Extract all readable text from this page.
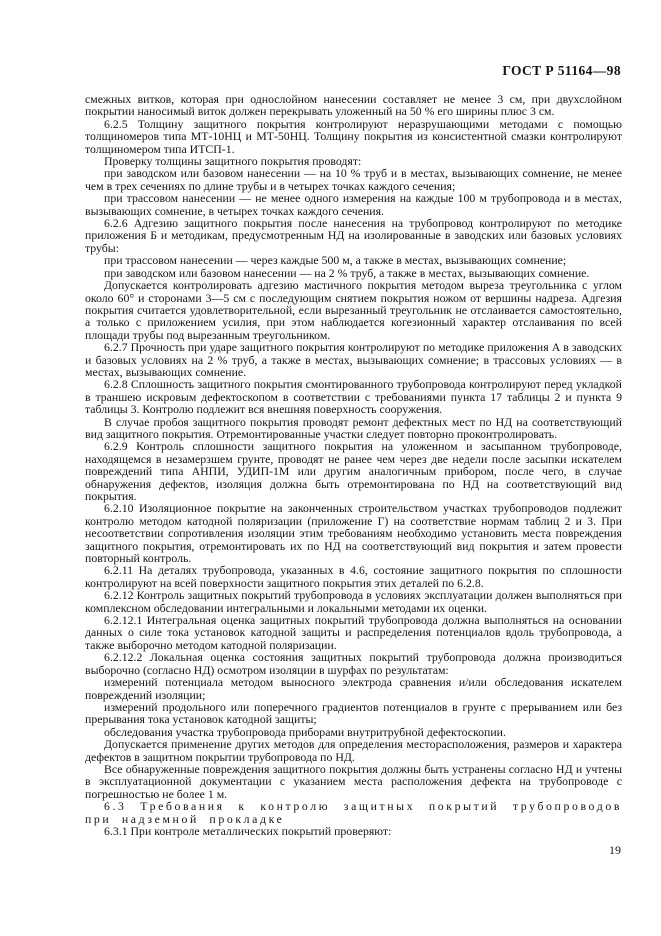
ГОСТ Р 51164—98

смежных витков, которая при однослойном нанесении составляет не менее 3 см, при двухслойном покрытии наносимый виток должен перекрывать уложенный на 50 % его ширины плюс 3 см.

6.2.5 Толщину защитного покрытия контролируют неразрушающими методами с помощью толщиномеров типа МТ-10НЦ и МТ-50НЦ. Толщину покрытия из консистентной смазки контролируют толщиномером типа ИТСП-1.

Проверку толщины защитного покрытия проводят:

при заводском или базовом нанесении — на 10 % труб и в местах, вызывающих сомнение, не менее чем в трех сечениях по длине трубы и в четырех точках каждого сечения;

при трассовом нанесении — не менее одного измерения на каждые 100 м трубопровода и в местах, вызывающих сомнение, в четырех точках каждого сечения.

6.2.6 Адгезию защитного покрытия после нанесения на трубопровод контролируют по методике приложения Б и методикам, предусмотренным НД на изолированные в заводских или базовых условиях трубы:

при трассовом нанесении — через каждые 500 м, а также в местах, вызывающих сомнение;

при заводском или базовом нанесении — на 2 % труб, а также в местах, вызывающих сомнение.

Допускается контролировать адгезию мастичного покрытия методом выреза треугольника с углом около 60° и сторонами 3—5 см с последующим снятием покрытия ножом от вершины надреза. Адгезия покрытия считается удовлетворительной, если вырезанный треугольник не отслаивается самостоятельно, а только с приложением усилия, при этом наблюдается когезионный характер отслаивания по всей площади трубы под вырезанным треугольником.

6.2.7 Прочность при ударе защитного покрытия контролируют по методике приложения А в заводских и базовых условиях на 2 % труб, а также в местах, вызывающих сомнение; в трассовых условиях — в местах, вызывающих сомнение.

6.2.8 Сплошность защитного покрытия смонтированного трубопровода контролируют перед укладкой в траншею искровым дефектоскопом в соответствии с требованиями пункта 17 таблицы 2 и пункта 9 таблицы 3. Контролю подлежит вся внешняя поверхность сооружения.

В случае пробоя защитного покрытия проводят ремонт дефектных мест по НД на соответствующий вид защитного покрытия. Отремонтированные участки следует повторно проконтролировать.

6.2.9 Контроль сплошности защитного покрытия на уложенном и засыпанном трубопроводе, находящемся в незамерзшем грунте, проводят не ранее чем через две недели после засыпки искателем повреждений типа АНПИ, УДИП-1М или другим аналогичным прибором, после чего, в случае обнаружения дефектов, изоляция должна быть отремонтирована по НД на соответствующий вид покрытия.

6.2.10 Изоляционное покрытие на законченных строительством участках трубопроводов подлежит контролю методом катодной поляризации (приложение Г) на соответствие нормам таблиц 2 и 3. При несоответствии сопротивления изоляции этим требованиям необходимо установить места повреждения защитного покрытия, отремонтировать их по НД на соответствующий вид покрытия и затем провести повторный контроль.

6.2.11 На деталях трубопровода, указанных в 4.6, состояние защитного покрытия по сплошности контролируют на всей поверхности защитного покрытия этих деталей по 6.2.8.

6.2.12 Контроль защитных покрытий трубопровода в условиях эксплуатации должен выполняться при комплексном обследовании интегральными и локальными методами их оценки.

6.2.12.1 Интегральная оценка защитных покрытий трубопровода должна выполняться на основании данных о силе тока установок катодной защиты и распределения потенциалов вдоль трубопровода, а также выборочно методом катодной поляризации.

6.2.12.2 Локальная оценка состояния защитных покрытий трубопровода должна производиться выборочно (согласно НД) осмотром изоляции в шурфах по результатам:

измерений потенциала методом выносного электрода сравнения и/или обследования искателем повреждений изоляции;

измерений продольного или поперечного градиентов потенциалов в грунте с прерыванием или без прерывания тока установок катодной защиты;

обследования участка трубопровода приборами внутритрубной дефектоскопии.

Допускается применение других методов для определения месторасположения, размеров и характера дефектов в защитном покрытии трубопровода по НД.

Все обнаруженные повреждения защитного покрытия должны быть устранены согласно НД и учтены в эксплуатационной документации с указанием места расположения дефекта на трубопроводе с погрешностью не более 1 м.

6.3 Требования к контролю защитных покрытий трубопроводов при надземной прокладке

6.3.1 При контроле металлических покрытий проверяют:

19
